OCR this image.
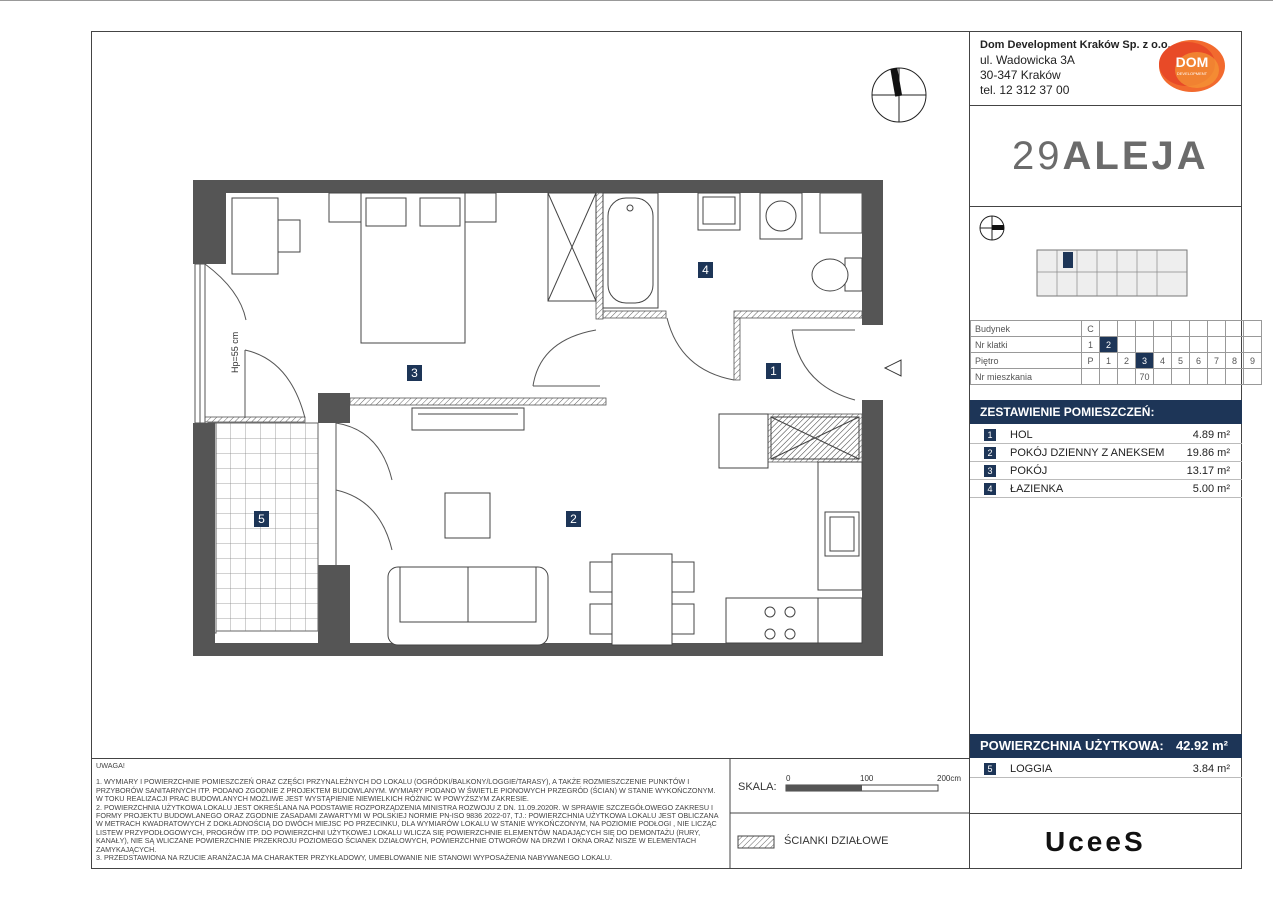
Hp=55 cm	1
2
3
4
5
0	100	200cm
Dom Development Kraków Sp. z o.o.
ul. Wadowicka 3A
30-347 Kraków
tel. 12 312 37 00
DOM
DEVELOPMENT
29ALEJA
Budynek	C									
Nr klatki	1	2								
Piętro	P	1	2	3	4	5	6	7	8	9
Nr mieszkania				70						
ZESTAWIENIE POMIESZCZEŃ:
1	HOL	4.89 m²
2	POKÓJ DZIENNY Z ANEKSEM 19.86 m²
3	POKÓJ	13.17 m²
4	ŁAZIENKA	5.00 m²
POWIERZCHNIA UŻYTKOWA: 42.92 m²
5	LOGGIA	3.84 m²
UWAGA!
1. WYMIARY I POWIERZCHNIE POMIESZCZEŃ ORAZ CZĘŚCI PRZYNALEŻNYCH DO LOKALU (OGRÓDKI/BALKONY/LOGGIE/TARASY), A TAKŻE ROZMIESZCZENIE PUNKTÓW I PRZYBORÓW SANITARNYCH ITP. PODANO ZGODNIE Z PROJEKTEM BUDOWLANYM. WYMIARY PODANO W ŚWIETLE PIONOWYCH PRZEGRÓD (ŚCIAN) W STANIE WYKOŃCZONYM. W TOKU REALIZACJI PRAC BUDOWLANYCH MOŻLIWE JEST WYSTĄPIENIE NIEWIELKICH RÓŻNIC W POWYŻSZYM ZAKRESIE.
2. POWIERZCHNIA UŻYTKOWA LOKALU JEST OKREŚLANA NA PODSTAWIE ROZPORZĄDZENIA MINISTRA ROZWOJU Z DN. 11.09.2020R. W SPRAWIE SZCZEGÓŁOWEGO ZAKRESU I FORMY PROJEKTU BUDOWLANEGO ORAZ ZGODNIE ZASADAMI ZAWARTYMI W POLSKIEJ NORMIE PN-ISO 9836 2022-07, TJ.: POWIERZCHNIA UŻYTKOWA LOKALU JEST OBLICZANA W METRACH KWADRATOWYCH Z DOKŁADNOŚCIĄ DO DWÓCH MIEJSC PO PRZECINKU, DLA WYMIARÓW LOKALU W STANIE WYKOŃCZONYM, NA POZIOMIE PODŁOGI , NIE LICZĄC LISTEW PRZYPODŁOGOWYCH, PROGRÓW ITP. DO POWIERZCHNI UŻYTKOWEJ LOKALU WLICZA SIĘ POWIERZCHNIE ELEMENTÓW NADAJĄCYCH SIĘ DO DEMONTAŻU (RURY, KANAŁY), NIE SĄ WLICZANE POWIERZCHNIE PRZEKROJU POZIOMEGO ŚCIANEK DZIAŁOWYCH, POWIERZCHNIE OTWORÓW NA DRZWI I OKNA ORAZ NISZE W ELEMENTACH ZAMYKAJĄCYCH.
3. PRZEDSTAWIONA NA RZUCIE ARANŻACJA MA CHARAKTER PRZYKŁADOWY, UMEBLOWANIE NIE STANOWI WYPOSAŻENIA NABYWANEGO LOKALU.
SKALA:
ŚCIANKI DZIAŁOWE	UceeS
